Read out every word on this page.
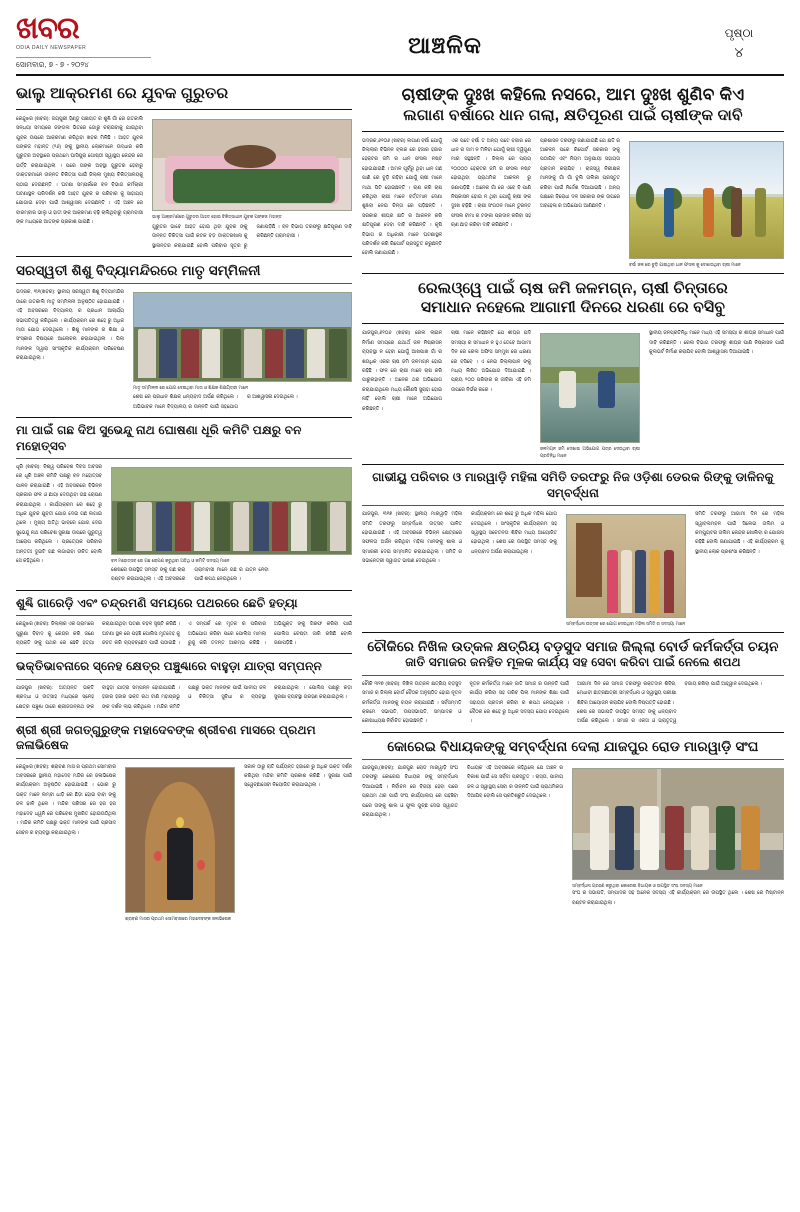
ଖବର
ODIA DAILY NEWSPAPER
ସୋମବାର, ୭ - ୭ - ୨୦୨୪
ଆଞ୍ଚଳିକ	ପୃଷ୍ଠା
୪
ଭାଲୁ ଆକ୍ରମଣ ରେ ଯୁବକ ଗୁରୁତର
କେନ୍ଦୁଝର (ଖବର): ଜୟପୁରୀ ହିଣ୍ଡୁ ପଞ୍ଚାୟତ ର ଶୁଣ୍ଢି ଗାଁ ରେ ଗତକାଲି ସନ୍ଧ୍ୟା ସମୟରେ ଜଙ୍ଗଲ ଭିତରେ ଗୋରୁ ଚରାଇବାକୁ ଯାଇଥିବା ଯୁବକ ଉପରେ ଆକ୍ରମଣ କରିଥିବା ଖବର ମିଳିଛି । ଆହତ ଯୁବକ ପଙ୍କଜ ମହାନ୍ତ (୨୬) ଙ୍କୁ ସ୍ଥାନୀୟ ଲୋକମାନେ ଉଦ୍ଧାର କରି ଗୁରୁତର ଅବସ୍ଥାରେ ପ୍ରଥମେ ଘାସିପୁରା ଗୋଷ୍ଠୀ ସ୍ୱାସ୍ଥ୍ୟ କେନ୍ଦ୍ର ରେ ଭର୍ତ୍ତି କରାଯାଇଥିଲା । ପରେ ତାଙ୍କ ଅବସ୍ଥା ଗୁରୁତର ହେବାରୁ ଡାକ୍ତରମାନେ ଉନ୍ନତ ଚିକିତ୍ସା ପାଇଁ ଜିଲ୍ଲା ମୁଖ୍ୟ ଚିକିତ୍ସାଳୟକୁ ପଠାଇ ଦେଇଛନ୍ତି । ଘଟଣା ସମ୍ପର୍କରେ ବନ ବିଭାଗ କର୍ମଚାରୀ ଘଟଣାସ୍ଥଳ ପରିଦର୍ଶନ କରି ଆହତ ଯୁବକ ର ପରିବାର କୁ ସାହାଯ୍ୟ ଯୋଗାଇ ଦେବା ପାଇଁ ଆଶ୍ୱାସନା ଦେଇଛନ୍ତି । ଏହି ଅଞ୍ଚଳ ରେ ବାରମ୍ବାର ଭାଲୁ ଓ ହାତୀ ଙ୍କ ଆକ୍ରମଣ ବଢ଼ି ଚାଲିଥିବାରୁ ଗ୍ରାମବାସୀ ଙ୍କ ମଧ୍ୟରେ ଆତଙ୍କ ପ୍ରକାଶ ପାଇଛି ।
ଭାଲୁ ଆକ୍ରମଣରେ ଗୁରୁତର ଆହତ ହୋଇ ଚିକିତ୍ସାଧୀନ ଯୁବକ ପଙ୍କଜ ମହାନ୍ତ
ଗୁରୁତର ଭାବେ ଆହତ ହୋଇ ଥିବା ଯୁବକ ଙ୍କୁ ଉନ୍ନତ ଚିକିତ୍ସା ପାଇଁ କଟକ ବଡ଼ ଡାକ୍ତରଖାନା କୁ ସ୍ଥାନାନ୍ତର କରାଯାଇଛି ବୋଲି ପରିବାର ସୂତ୍ର ରୁ ଜଣାପଡ଼ିଛି । ବନ ବିଭାଗ ତରଫରୁ କ୍ଷତିପୂରଣ ଦାବି କରିଛନ୍ତି ଗ୍ରାମବାସୀ ।
ସରସ୍ୱତୀ ଶିଶୁ ବିଦ୍ୟାମନ୍ଦିରରେ ମାତୃ ସମ୍ମିଳନୀ
ଭଦ୍ରକ, ୩୧(ଖବର): ସ୍ଥାନୀୟ ସରସ୍ୱତୀ ଶିଶୁ ବିଦ୍ୟାମନ୍ଦିର ଠାରେ ଗତକାଲି ମାତୃ ସମ୍ମିଳନୀ ଅନୁଷ୍ଠିତ ହୋଇଯାଇଛି । ଏହି ଅବସରରେ ବିଦ୍ୟାଳୟ ର ପ୍ରଧାନ ଆଚାର୍ଯ୍ୟ ସଭାପତିତ୍ୱ କରିଥିଲେ । କାର୍ଯ୍ୟକ୍ରମ ରେ ଶହେ ରୁ ଅଧିକ ମାତା ଯୋଗ ଦେଇଥିଲେ । ଶିଶୁ ମାନଙ୍କ ର ଶିକ୍ଷା ଓ ସଂସ୍କାର ବିଷୟରେ ଆଲୋଚନା କରାଯାଇଥିଲା । ପିଲା ମାନଙ୍କ ଦ୍ୱାରା ସାଂସ୍କୃତିକ କାର୍ଯ୍ୟକ୍ରମ ପରିବେଷଣ କରାଯାଇଥିଲା ।
ମାତୃ ସମ୍ମିଳନୀ ରେ ଯୋଗ ଦେଇଥିବା ମାତା ଓ ଶିକ୍ଷକ ଶିକ୍ଷୟିତ୍ରୀ ମାନେ
ଶେଷ ରେ ପ୍ରଧାନ ଶିକ୍ଷକ ଧନ୍ୟବାଦ ଅର୍ପଣ କରିଥିଲେ । ଅଭିଭାବକ ମାନେ ବିଦ୍ୟାଳୟ ର ଉନ୍ନତି ପାଇଁ ସହଯୋଗ ର ଆଶ୍ୱାସନା ଦେଇଥିଲେ ।
ମା ପାଇଁ ଗଛ ଦିଅ ସୁଭେନ୍ଦୁ ନାଥ ଘୋଷଣା ଧୂରି କମିଟି ପକ୍ଷରୁ ବନ ମହୋତ୍ସବ
ଧୂରି (ଖବର): ବିଶ୍ୱ ପରିବେଶ ଦିବସ ଅବସର ରେ ଧୂରି ଅଞ୍ଚଳ କମିଟି ପକ୍ଷରୁ ବନ ମହୋତ୍ସବ ପାଳନ କରାଯାଇଛି । ଏହି ଅବସରରେ ବିଭିନ୍ନ ପ୍ରକାର ଫଳ ଓ ଛାୟା ଦେଉଥିବା ଗଛ ରୋପଣ କରାଯାଇଥିଲା । କାର୍ଯ୍ୟକ୍ରମ ରେ ଶହେ ରୁ ଅଧିକ ଯୁବକ ଯୁବତୀ ଯୋଗ ଦେଇ ଗଛ ଲଗାଇ ଥିଲେ । ମୁଖ୍ୟ ଅତିଥି ଭାବରେ ଯୋଗ ଦେଇ ସୁଭେନ୍ଦୁ ନାଥ ପରିବେଶ ସୁରକ୍ଷା ଉପରେ ଗୁରୁତ୍ୱ ଆରୋପ କରିଥିଲେ । ପ୍ରତ୍ୟେକ ପରିବାର ଅନ୍ତତଃ ଦୁଇଟି ଗଛ ଲଗାଇବା ଉଚିତ ବୋଲି ସେ କହିଥିଲେ ।	ବନ ମହୋତ୍ସବ ରେ ଗଛ ରୋପଣ କରୁଥିବା ଅତିଥି ଓ କମିଟି ସଦସ୍ୟ ମାନେ
ଶେଷରେ ଉପସ୍ଥିତ ସମସ୍ତ ଙ୍କୁ ଗଛ ଚାରା ବଣ୍ଟନ କରାଯାଇଥିଲା । ଏହି ଅବସରରେ ଗ୍ରାମବାସୀ ମାନେ ଗଛ ର ଯତ୍ନ ନେବା ପାଇଁ ଶପଥ ନେଇଥିଲେ ।
ଶୁଣ୍ଢି ଗାରେଡ଼ି ଏବଂ ଚନ୍ଦ୍ରମଣି ସମୟରେ ପଥରରେ ଛେଚି ହତ୍ୟା
କେନ୍ଦୁଝର (ଖବର): ଜିଲ୍ଲାର ଏକ ଗ୍ରାମରେ ପୁରୁଣା ବିବାଦ କୁ କେନ୍ଦ୍ର କରି ଜଣେ ବ୍ୟକ୍ତି ଙ୍କୁ ପଥର ରେ ଛେଚି ହତ୍ୟା କରାଯାଇଥିବା ଘଟଣା ଚହଳ ସୃଷ୍ଟି କରିଛି । ଘଟଣା ସ୍ଥଳ ରେ ପହଞ୍ଚି ପୋଲିସ ମୃତଦେହ କୁ ଜବତ କରି ବ୍ୟବଚ୍ଛେଦ ପାଇଁ ପଠାଇଛି । ଏ ସମ୍ପର୍କ ରେ ମୃତକ ର ପରିବାର ଅଭିଯୋଗ କରିବା ପରେ ପୋଲିସ ମାମଲା ରୁଜୁ କରି ତଦନ୍ତ ଆରମ୍ଭ କରିଛି । ଅଭିଯୁକ୍ତ ଙ୍କୁ ଗିରଫ କରିବା ପାଇଁ ପୋଲିସ ଚେଷ୍ଟା ଜାରି ରଖିଛି ବୋଲି ଜଣାପଡ଼ିଛି ।
ଭକ୍ତିଭାବନାରେ ସ୍ନେହ କ୍ଷେତ୍ର ପଞ୍ଚୁଣ୍ଢାରେ ବାହୁଡ଼ା ଯାତ୍ରା ସମ୍ପନ୍ନ
ଯାଜପୁର (ଖବର): ଅତ୍ୟନ୍ତ ଭକ୍ତି ଶ୍ରଦ୍ଧା ଓ ଉତ୍ସାହ ମଧ୍ୟରେ ସ୍ନେହ କ୍ଷେତ୍ର ପଞ୍ଚୁଣ୍ଢା ଠାରେ ଶ୍ରୀଜଗନ୍ନାଥ ଙ୍କ ବାହୁଡ଼ା ଯାତ୍ରା ସମ୍ପନ୍ନ ହୋଇଯାଇଛି । ହଜାର ହଜାର ଭକ୍ତ ରଥ ଟାଣି ମହାପ୍ରଭୁ ଙ୍କ ଦର୍ଶନ ଲାଭ କରିଥିଲେ । ମନ୍ଦିର କମିଟି ପକ୍ଷରୁ ଭକ୍ତ ମାନଙ୍କ ପାଇଁ ପାନୀୟ ଜଳ ଓ ଚିକିତ୍ସା ସୁବିଧା ର ବ୍ୟବସ୍ଥା କରାଯାଇଥିଲା । ପୋଲିସ ପକ୍ଷରୁ କଡ଼ା ସୁରକ୍ଷା ବ୍ୟବସ୍ଥା ଗ୍ରହଣ କରାଯାଇଥିଲା ।
ଶ୍ରୀ ଶ୍ରୀ ଜଗତ୍ଗୁରୁଙ୍କ ମହାଦେବଙ୍କ ଶ୍ରୀବଣ ମାସରେ ପ୍ରଥମ ଜଳାଭିଷେକ
କେନ୍ଦୁଝର (ଖବର): ଶ୍ରାବଣ ମାସ ର ପ୍ରଥମ ସୋମବାର ଅବସରରେ ସ୍ଥାନୀୟ ମହାଦେବ ମନ୍ଦିର ରେ ଜଳାଭିଷେକ କାର୍ଯ୍ୟକ୍ରମ ଅନୁଷ୍ଠିତ ହୋଇଯାଇଛି । ଭୋର ରୁ ଭକ୍ତ ମାନେ ଲମ୍ବା ଧାଡ଼ି ରେ ଛିଡ଼ା ହୋଇ ବାବା ଙ୍କୁ ଜଳ ଢାଳି ଥିଲେ । ମନ୍ଦିର ପରିସର ରେ ହର ହର ମହାଦେବ ଧ୍ୱନି ରେ ପରିବେଶ ମୁଖରିତ ହୋଇଉଠିଥିଲା । ମନ୍ଦିର କମିଟି ପକ୍ଷରୁ ଭକ୍ତ ମାନଙ୍କ ପାଇଁ ପ୍ରସାଦ ସେବନ ର ବ୍ୟବସ୍ଥା କରାଯାଇଥିଲା ।
ଶ୍ରାବଣ ମାସର ପ୍ରଥମ ସୋମବାରରେ ମହାଦେବଙ୍କ ଜଳାଭିଷେକ
ସକାଳ ଠାରୁ ରାତି ପର୍ଯ୍ୟନ୍ତ ହଜାରେ ରୁ ଅଧିକ ଭକ୍ତ ଦର୍ଶନ କରିଥିବା ମନ୍ଦିର କମିଟି ପ୍ରକାଶ କରିଛି । ସୁରକ୍ଷା ପାଇଁ ସ୍ୱେଚ୍ଛାସେବୀ ନିୟୋଜିତ କରାଯାଇଥିଲା ।
ଚାଷୀଙ୍କ ଦୁଃଖ କହିଲେ ନସରେ, ଆମ ଦୁଃଖ ଶୁଣିବ କିଏ
ଲଗାଣ ବର୍ଷାରେ ଧାନ ଗଲା, କ୍ଷତିପୂରଣ ପାଇଁ ଚାଷୀଙ୍କ ଦାବି
ଭଦ୍ରକ,୬୧୦୬ (ଖବର) ଲଗାଣ ବର୍ଷା ଯୋଗୁଁ ଜିଲ୍ଲାର ବିଭିନ୍ନ ବ୍ଲକ ରେ ହଜାର ହଜାର ହେକ୍ଟର ଜମି ର ଧାନ ଫସଲ ନଷ୍ଟ ହୋଇଯାଇଛି । ଅମଳ ପୂର୍ବରୁ ଥିବା ଧାନ ଗଛ ପାଣି ରେ ବୁଡ଼ି ରହିବା ଯୋଗୁଁ ଚାଷୀ ମାନେ ମାଥା ପିଟି ହୋଇଛନ୍ତି । ଋଣ କରି ଚାଷ କରିଥିବା ଚାଷୀ ମାନେ ବର୍ତ୍ତମାନ ଦେଣା ଶୁଝିବା ନେଇ ଚିନ୍ତା ରେ ପଡ଼ିଛନ୍ତି । ସରକାର ଶୀଘ୍ର କ୍ଷତି ର ଆକଳନ କରି କ୍ଷତିପୂରଣ ଦେବା ଦାବି କରିଛନ୍ତି । କୃଷି ବିଭାଗ ର ଅଧିକାରୀ ମାନେ ଘଟଣାସ୍ଥଳ ପରିଦର୍ଶନ କରି ରିପୋର୍ଟ ପ୍ରସ୍ତୁତ କରୁଛନ୍ତି ବୋଲି ଜଣାଯାଇଛି ।
ଏକ ପଟେ ବର୍ଷା ତ ଅନ୍ୟ ପଟେ ବଜାର ରେ ଧାନ ର ଦାମ ନ ମିଳିବା ଯୋଗୁଁ ଚାଷୀ ଦ୍ୱିଗୁଣ ମାର ସହୁଛନ୍ତି । ଜିଲ୍ଲା ରେ ପ୍ରାୟ ୨୦୦୦୦ ହେକ୍ଟର ଜମି ର ଫସଲ ନଷ୍ଟ ହୋଇଥିବା ପ୍ରାଥମିକ ଆକଳନ ରୁ ଜଣାପଡ଼ିଛି । ଅନେକ ଗାଁ ରେ ଏବେ ବି ପାଣି ନିଷ୍କାସନ ହୋଇ ନ ଥିବା ଯୋଗୁଁ ଚାଷୀ ଙ୍କ ଦୁଃଖ ବଢ଼ିଛି । ଚାଷୀ ସଂଗଠନ ମାନେ ତୁରନ୍ତ ଫସଲ ବୀମା ର ଟଙ୍କା ପ୍ରଦାନ କରିବା ସହ ଋଣ ଛାଡ଼ କରିବା ଦାବି କରିଛନ୍ତି ।
ପ୍ରଶାସନ ତରଫରୁ ଜଣାଯାଇଛି ଯେ କ୍ଷତି ର ଆକଳନ ପରେ ରିପୋର୍ଟ ସରକାର ଙ୍କୁ ପଠାଯିବ ଏବଂ ନିୟମ ଅନୁଯାୟୀ ସହାୟତା ପ୍ରଦାନ କରାଯିବ । ରାଜସ୍ୱ ନିରୀକ୍ଷକ ମାନଙ୍କୁ ଗାଁ ଗାଁ ବୁଲି ତାଲିକା ପ୍ରସ୍ତୁତ କରିବା ପାଇଁ ନିର୍ଦ୍ଦେଶ ଦିଆଯାଇଛି । ଅନ୍ୟ ପକ୍ଷରେ ବିରୋଧୀ ଦଳ ସରକାର ଙ୍କ ଉପରେ ଅବହେଳା ର ଅଭିଯୋଗ ଆଣିଛନ୍ତି ।
ବର୍ଷା ଜଳ ରେ ବୁଡ଼ି ଯାଇଥିବା ଧାନ ଫସଲ କୁ ଦେଖାଉଥିବା ଚାଷୀ ମାନେ
ରେଲଓ୍ୱେ ପାଇଁ ଚାଷ ଜମି ଜଳମଗ୍ନ, ଚାଷୀ ଚିନ୍ତାରେ
ସମାଧାନ ନହେଲେ ଆଗାମୀ ଦିନରେ ଧରଣା ରେ ବସିବୁ
ଯାଜପୁର,୬୧୦୬ (ଖବର) ରେଲ ଲାଇନ ନିର୍ମାଣ ସମୟରେ ଯଥାର୍ଥ ଜଳ ନିଷ୍କାସନ ବ୍ୟବସ୍ଥା ନ ହେବା ଯୋଗୁଁ ଆଖପାଖ ଗାଁ ର ଶତାଧିକ ଏକର ଚାଷ ଜମି ଜଳମଗ୍ନ ହୋଇ ରହିଛି । ଫଳ ରେ ଚାଷୀ ମାନେ ଚାଷ କରି ପାରୁନାହାନ୍ତି । ଅନେକ ଥର ଅଭିଯୋଗ କରାଯାଇଥିଲେ ମଧ୍ୟ କୌଣସି ସୁରାହା ହୋଇ ନାହିଁ ବୋଲି ଚାଷୀ ମାନେ ଅଭିଯୋଗ କରିଛନ୍ତି ।
ଚାଷୀ ମାନେ କହିଛନ୍ତି ଯେ ଶୀଘ୍ର ଯଦି ସମସ୍ୟା ର ସମାଧାନ ନ ହୁଏ ତେବେ ଆଗାମୀ ଦିନ ରେ ରେଲ ଅଫିସ ସମ୍ମୁଖ ରେ ଧରଣା ରେ ବସିବେ । ଏ ନେଇ ଜିଲ୍ଲାପାଳ ଙ୍କୁ ମଧ୍ୟ ଲିଖିତ ଅଭିଯୋଗ ଦିଆଯାଇଛି । ପ୍ରାୟ ୨୦୦ ପରିବାର ର ଜୀବିକା ଏହି ଜମି ଉପରେ ନିର୍ଭର କରେ ।
ଜଳମଗ୍ନ ଜମି ଦେଖାଇ ଅଭିଯୋଗ ପତ୍ର ଦେଉଥିବା ଚାଷୀ ପ୍ରତିନିଧି ମାନେ
ସ୍ଥାନୀୟ ଜନପ୍ରତିନିଧି ମାନେ ମଧ୍ୟ ଏହି ସମସ୍ୟା ର ଶୀଘ୍ର ସମାଧାନ ପାଇଁ ଦାବି କରିଛନ୍ତି । ରେଲ ବିଭାଗ ତରଫରୁ ଶୀଘ୍ର ପାଣି ନିଷ୍କାସନ ପାଇଁ କୁଲଭର୍ଟ ନିର୍ମାଣ କରାଯିବ ବୋଲି ଆଶ୍ୱାସନା ଦିଆଯାଇଛି ।
ଗାଭୀୟୁ ପରିବାର ଓ ମାରୱାଡ଼ି ମହିଳା ସମିତି ତରଫରୁ ନିଜ ଓଡ଼ିଶା ଡେରକ ରିଙ୍କୁ ଡାଳିନକୁ ସମ୍ବର୍ଦ୍ଧନା
ଯାଜପୁର, ୩୧୭ (ଖବର): ସ୍ଥାନୀୟ ମାରୱାଡ଼ି ମହିଳା ସମିତି ତରଫରୁ ସମ୍ବର୍ଦ୍ଧନା ଉତ୍ସବ ପାଳିତ ହୋଇଯାଇଛି । ଏହି ଅବସରରେ ବିଭିନ୍ନ କ୍ଷେତ୍ରରେ ସଫଳତା ଅର୍ଜନ କରିଥିବା ମହିଳା ମାନଙ୍କୁ ଶାଲ ଓ ସ୍ମାରକୀ ଦେଇ ସମ୍ମାନିତ କରାଯାଇଥିଲା । ସମିତି ର ସଭାନେତ୍ରୀ ସ୍ୱାଗତ ଭାଷଣ ଦେଇଥିଲେ ।
କାର୍ଯ୍ୟକ୍ରମ ରେ ଶହେ ରୁ ଅଧିକ ମହିଳା ଯୋଗ ଦେଇଥିଲେ । ସାଂସ୍କୃତିକ କାର୍ଯ୍ୟକ୍ରମ ସହ ସ୍ୱାସ୍ଥ୍ୟ ସଚେତନତା ଶିବିର ମଧ୍ୟ ଆୟୋଜିତ ହୋଇଥିଲା । ଶେଷ ରେ ଉପସ୍ଥିତ ସମସ୍ତ ଙ୍କୁ ଧନ୍ୟବାଦ ଅର୍ପଣ କରାଯାଇଥିଲା ।
ସମ୍ବର୍ଦ୍ଧନା ଉତ୍ସବ ରେ ଯୋଗ ଦେଇଥିବା ମହିଳା ସମିତି ର ସଦସ୍ୟା ମାନେ
ସମିତି ତରଫରୁ ଆଗାମୀ ଦିନ ରେ ମହିଳା ସ୍ୱାବଲମ୍ବନ ପାଇଁ ସିଲେଇ ତାଲିମ ଓ କମ୍ପ୍ୟୁଟର ତାଲିମ କେନ୍ଦ୍ର ଖୋଲିବା ର ଯୋଜନା ରହିଛି ବୋଲି ଜଣାଯାଇଛି । ଏହି କାର୍ଯ୍ୟକ୍ରମ କୁ ସ୍ଥାନୀୟ ଲୋକ ପ୍ରଶଂସା କରିଛନ୍ତି ।
ଚୌକିରେ ନିଖିଳ ଉତ୍କଳ କ୍ଷତ୍ରିୟ ବଡ଼ସୁଦ ସମାଜ ଜିଲ୍ଲା ବୋର୍ଡ କର୍ମକର୍ତ୍ତା ଚୟନ
ଜାତି ସମାଜର ଜନହିତ ମୂଳକ କାର୍ଯ୍ୟ ସହ ସେବା କରିବା ପାଇଁ ନେଲେ ଶପଥ
ଚୌକି ୩୧୭ (ଖବର): ନିଖିଳ ଉତ୍କଳ କ୍ଷତ୍ରିୟ ବଡ଼ସୁଦ ସମାଜ ର ଜିଲ୍ଲା ବୋର୍ଡ ବୈଠକ ଅନୁଷ୍ଠିତ ହୋଇ ନୂତନ କର୍ମକର୍ତ୍ତା ମାନଙ୍କୁ ଚୟନ କରାଯାଇଛି । ସର୍ବସମ୍ମତି କ୍ରମେ ସଭାପତି, ଉପସଭାପତି, ସମ୍ପାଦକ ଓ କୋଷାଧ୍ୟକ୍ଷ ନିର୍ବାଚିତ ହୋଇଛନ୍ତି ।
ନୂତନ କର୍ମକର୍ତ୍ତା ମାନେ ଜାତି ସମାଜ ର ଉନ୍ନତି ପାଇଁ କାର୍ଯ୍ୟ କରିବା ସହ ଗରିବ ପିଲା ମାନଙ୍କ ଶିକ୍ଷା ପାଇଁ ସହାୟତା ପ୍ରଦାନ କରିବା ର ଶପଥ ନେଇଥିଲେ । ବୈଠକ ରେ ଶହେ ରୁ ଅଧିକ ସଦସ୍ୟ ଯୋଗ ଦେଇଥିଲେ ।
ଆଗାମୀ ଦିନ ରେ ସମାଜ ତରଫରୁ ରକ୍ତଦାନ ଶିବିର, ମେଧାବୀ ଛାତ୍ରଛାତ୍ରୀ ସମ୍ବର୍ଦ୍ଧନା ଓ ସ୍ୱାସ୍ଥ୍ୟ ପରୀକ୍ଷା ଶିବିର ଆୟୋଜନ କରାଯିବ ବୋଲି ନିଷ୍ପତ୍ତି ହୋଇଛି ।
ଶେଷ ରେ ସଭାପତି ଉପସ୍ଥିତ ସମସ୍ତ ଙ୍କୁ ଧନ୍ୟବାଦ ଅର୍ପଣ କରିଥିଲେ । ସମାଜ ର ଏକତା ଓ ଭ୍ରାତୃତ୍ୱ ବଜାୟ ରଖିବା ପାଇଁ ଆହ୍ୱାନ ଦେଇଥିଲେ ।
କୋରେଇ ବିଧାୟକଙ୍କୁ ସମ୍ବର୍ଦ୍ଧନା ଦେଲା ଯାଜପୁର ରୋଡ ମାରୱାଡ଼ି ସଂଘ
ଯାଜପୁର,(ଖବର): ଯାଜପୁର ରୋଡ ମାରୱାଡ଼ି ସଂଘ ତରଫରୁ କୋରେଇ ବିଧାୟକ ଙ୍କୁ ସମ୍ବର୍ଦ୍ଧନା ଦିଆଯାଇଛି । ନିର୍ବାଚନ ରେ ବିଜୟୀ ହେବା ପରେ ପ୍ରଥମ ଥର ପାଇଁ ସଂଘ କାର୍ଯ୍ୟାଲୟ ରେ ପହଞ୍ଚିବା ପରେ ତାଙ୍କୁ ଶାଲ ଓ ଫୁଲ ଗୁଚ୍ଛ ଦେଇ ସ୍ୱାଗତ କରାଯାଇଥିଲା ।
ବିଧାୟକ ଏହି ଅବସରରେ କହିଥିଲେ ଯେ ଅଞ୍ଚଳ ର ବିକାଶ ପାଇଁ ସେ ସର୍ବଦା ପ୍ରସ୍ତୁତ । ରାସ୍ତା, ପାନୀୟ ଜଳ ଓ ସ୍ୱାସ୍ଥ୍ୟ ସେବା ର ଉନ୍ନତି ପାଇଁ ପ୍ରାଥମିକତା ଦିଆଯିବ ବୋଲି ସେ ପ୍ରତିଶ୍ରୁତି ଦେଇଥିଲେ ।
ସମ୍ବର୍ଦ୍ଧନା ଗ୍ରହଣ କରୁଥିବା କୋରେଇ ବିଧାୟକ ଓ ଉପସ୍ଥିତ ସଂଘ ସଦସ୍ୟ ମାନେ
ସଂଘ ର ସଭାପତି, ସମ୍ପାଦକ ସହ ଅନେକ ସଦସ୍ୟ ଏହି କାର୍ଯ୍ୟକ୍ରମ ରେ ଉପସ୍ଥିତ ଥିଲେ । ଶେଷ ରେ ମିଷ୍ଟାନ୍ନ ବଣ୍ଟନ କରାଯାଇଥିଲା ।
